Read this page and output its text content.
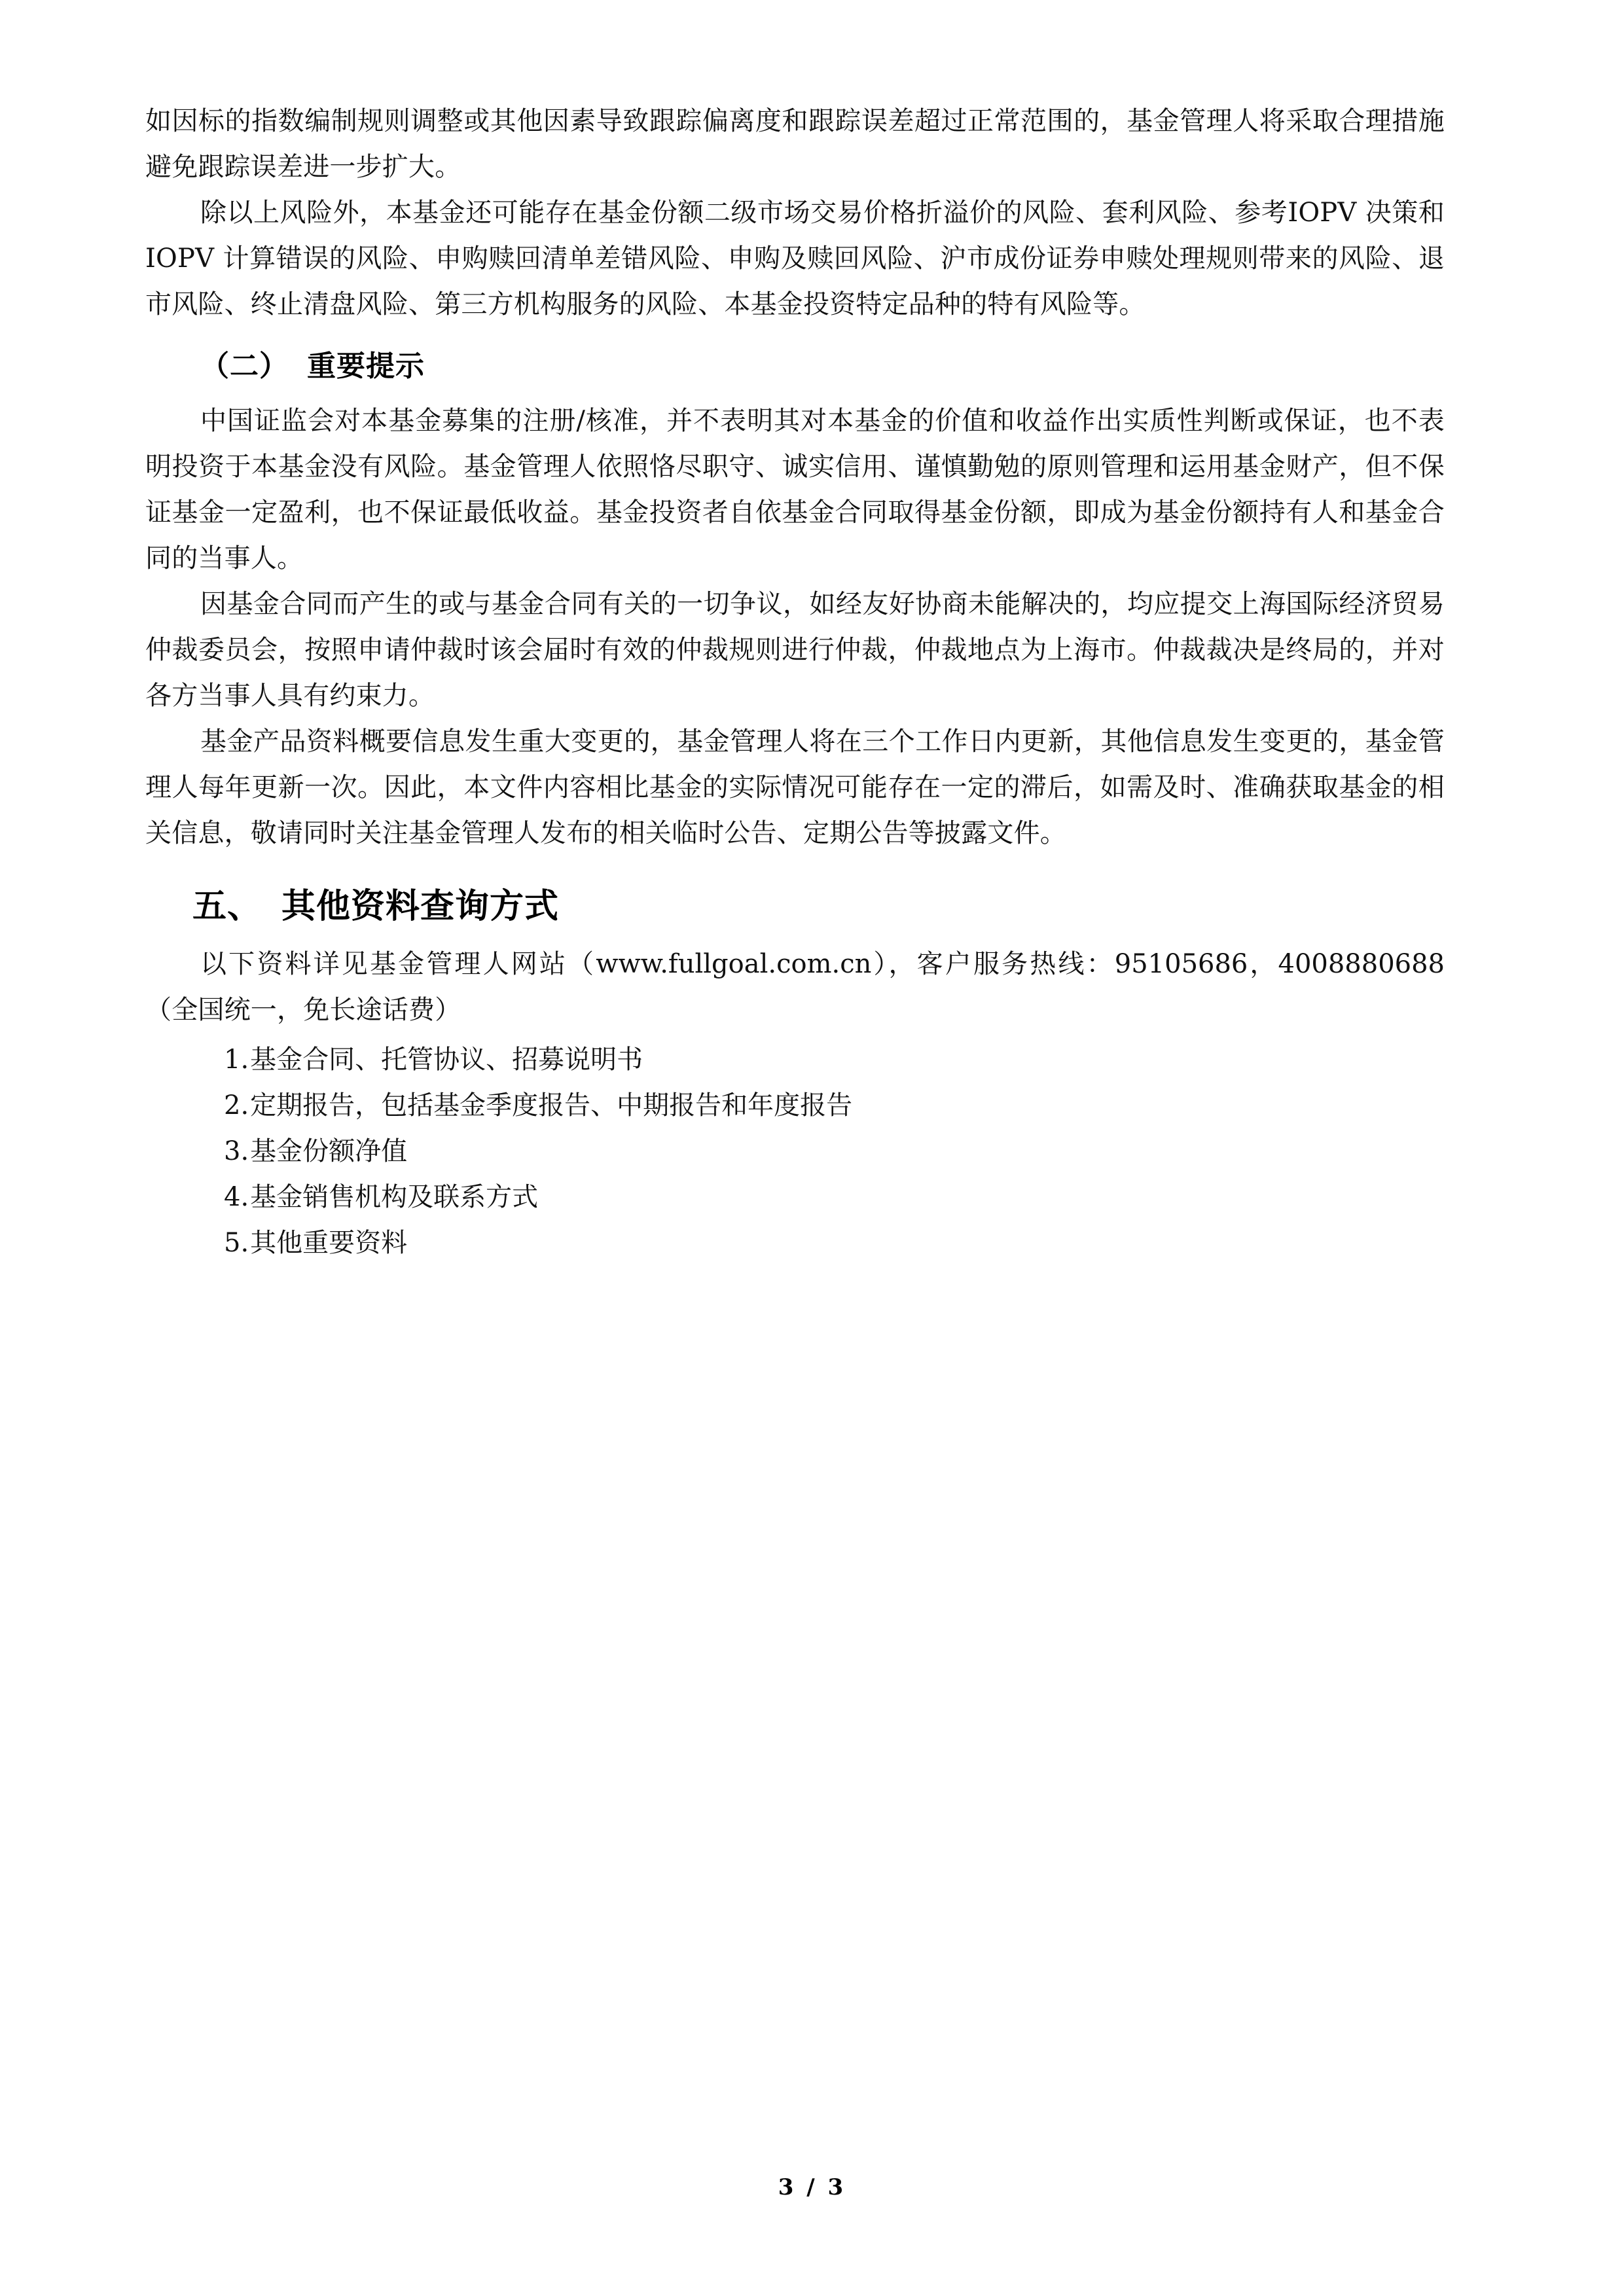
如因标的指数编制规则调整或其他因素导致跟踪偏离度和跟踪误差超过正常范围的，基金管理人将采取合理措施避免跟踪误差进一步扩大。

除以上风险外，本基金还可能存在基金份额二级市场交易价格折溢价的风险、套利风险、参考IOPV 决策和 IOPV 计算错误的风险、申购赎回清单差错风险、申购及赎回风险、沪市成份证券申赎处理规则带来的风险、退市风险、终止清盘风险、第三方机构服务的风险、本基金投资特定品种的特有风险等。

（二） 重要提示

中国证监会对本基金募集的注册/核准，并不表明其对本基金的价值和收益作出实质性判断或保证，也不表明投资于本基金没有风险。基金管理人依照恪尽职守、诚实信用、谨慎勤勉的原则管理和运用基金财产，但不保证基金一定盈利，也不保证最低收益。基金投资者自依基金合同取得基金份额，即成为基金份额持有人和基金合同的当事人。

因基金合同而产生的或与基金合同有关的一切争议，如经友好协商未能解决的，均应提交上海国际经济贸易仲裁委员会，按照申请仲裁时该会届时有效的仲裁规则进行仲裁，仲裁地点为上海市。仲裁裁决是终局的，并对各方当事人具有约束力。

基金产品资料概要信息发生重大变更的，基金管理人将在三个工作日内更新，其他信息发生变更的，基金管理人每年更新一次。因此，本文件内容相比基金的实际情况可能存在一定的滞后，如需及时、准确获取基金的相关信息，敬请同时关注基金管理人发布的相关临时公告、定期公告等披露文件。

五、 其他资料查询方式

以下资料详见基金管理人网站（www.fullgoal.com.cn），客户服务热线：95105686，4008880688（全国统一，免长途话费）

1.基金合同、托管协议、招募说明书
2.定期报告，包括基金季度报告、中期报告和年度报告
3.基金份额净值
4.基金销售机构及联系方式
5.其他重要资料
3 / 3
